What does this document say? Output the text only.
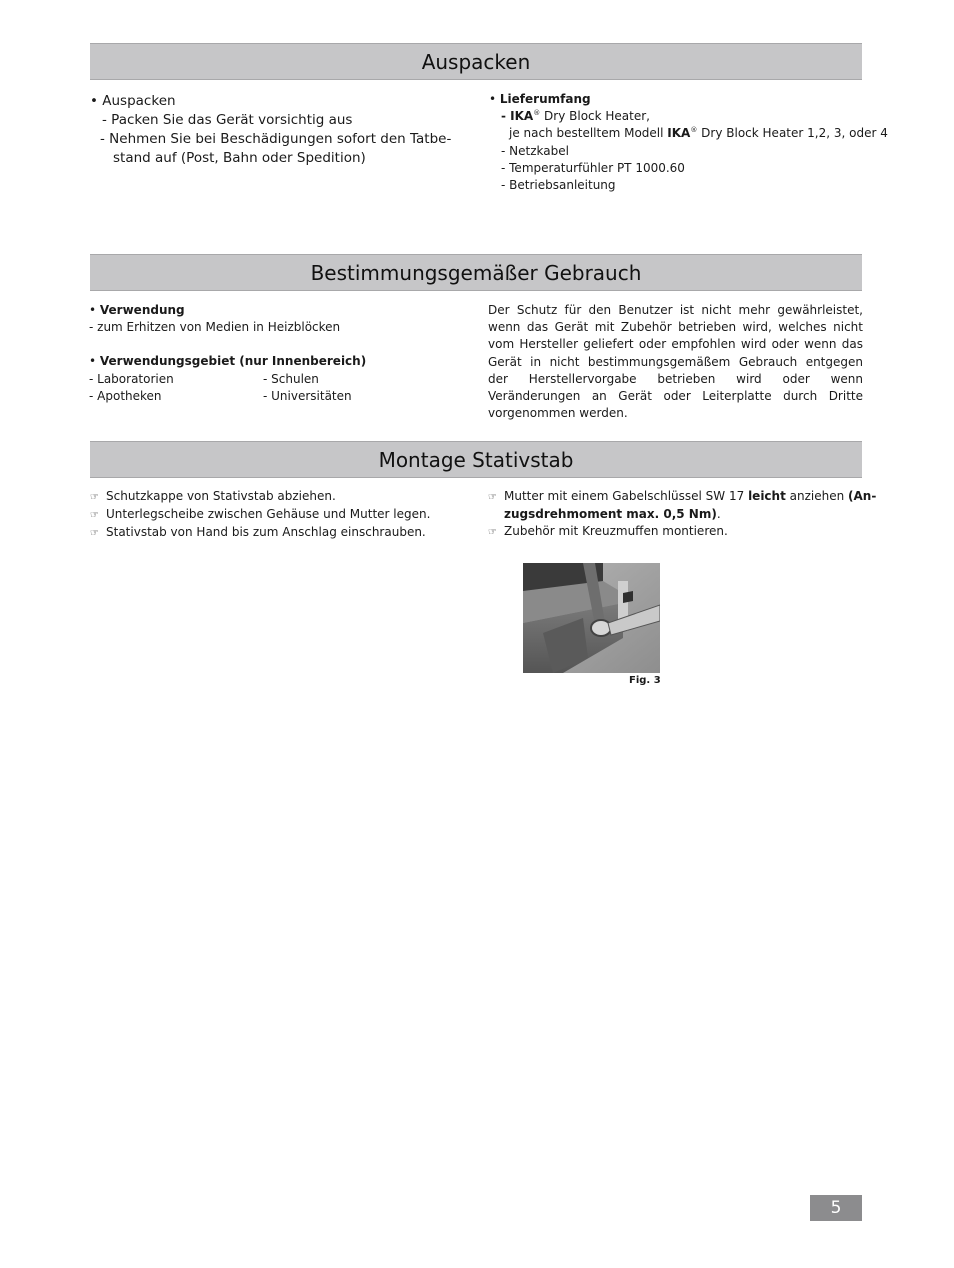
Auspacken
• Auspacken
- Packen Sie das Gerät vorsichtig aus
- Nehmen Sie bei Beschädigungen sofort den Tatbe-
stand auf (Post, Bahn oder Spedition)
• Lieferumfang
- IKA® Dry Block Heater,
je nach bestelltem Modell IKA® Dry Block Heater 1,2, 3, oder 4
- Netzkabel
- Temperaturfühler PT 1000.60
- Betriebsanleitung
Bestimmungsgemäßer Gebrauch
• Verwendung
- zum Erhitzen von Medien in Heizblöcken
• Verwendungsgebiet (nur Innenbereich)
- Laboratorien	- Schulen
- Apotheken	- Universitäten
Der Schutz für den Benutzer ist nicht mehr gewährleistet, wenn das Gerät mit Zubehör betrieben wird, welches nicht vom Hersteller geliefert oder empfohlen wird oder wenn das Gerät in nicht bestimmungsgemäßem Gebrauch entgegen der Herstellervorgabe betrieben wird oder wenn Veränderungen an Gerät oder Leiterplatte durch Dritte vorgenommen werden.
Montage Stativstab
☞ Schutzkappe von Stativstab abziehen.
☞ Unterlegscheibe zwischen Gehäuse und Mutter legen.
☞ Stativstab von Hand bis zum Anschlag einschrauben.
☞ Mutter mit einem Gabelschlüssel SW 17 leicht anziehen (An-
zugsdrehmoment max. 0,5 Nm).
☞ Zubehör mit Kreuzmuffen montieren.
Fig. 3
5
